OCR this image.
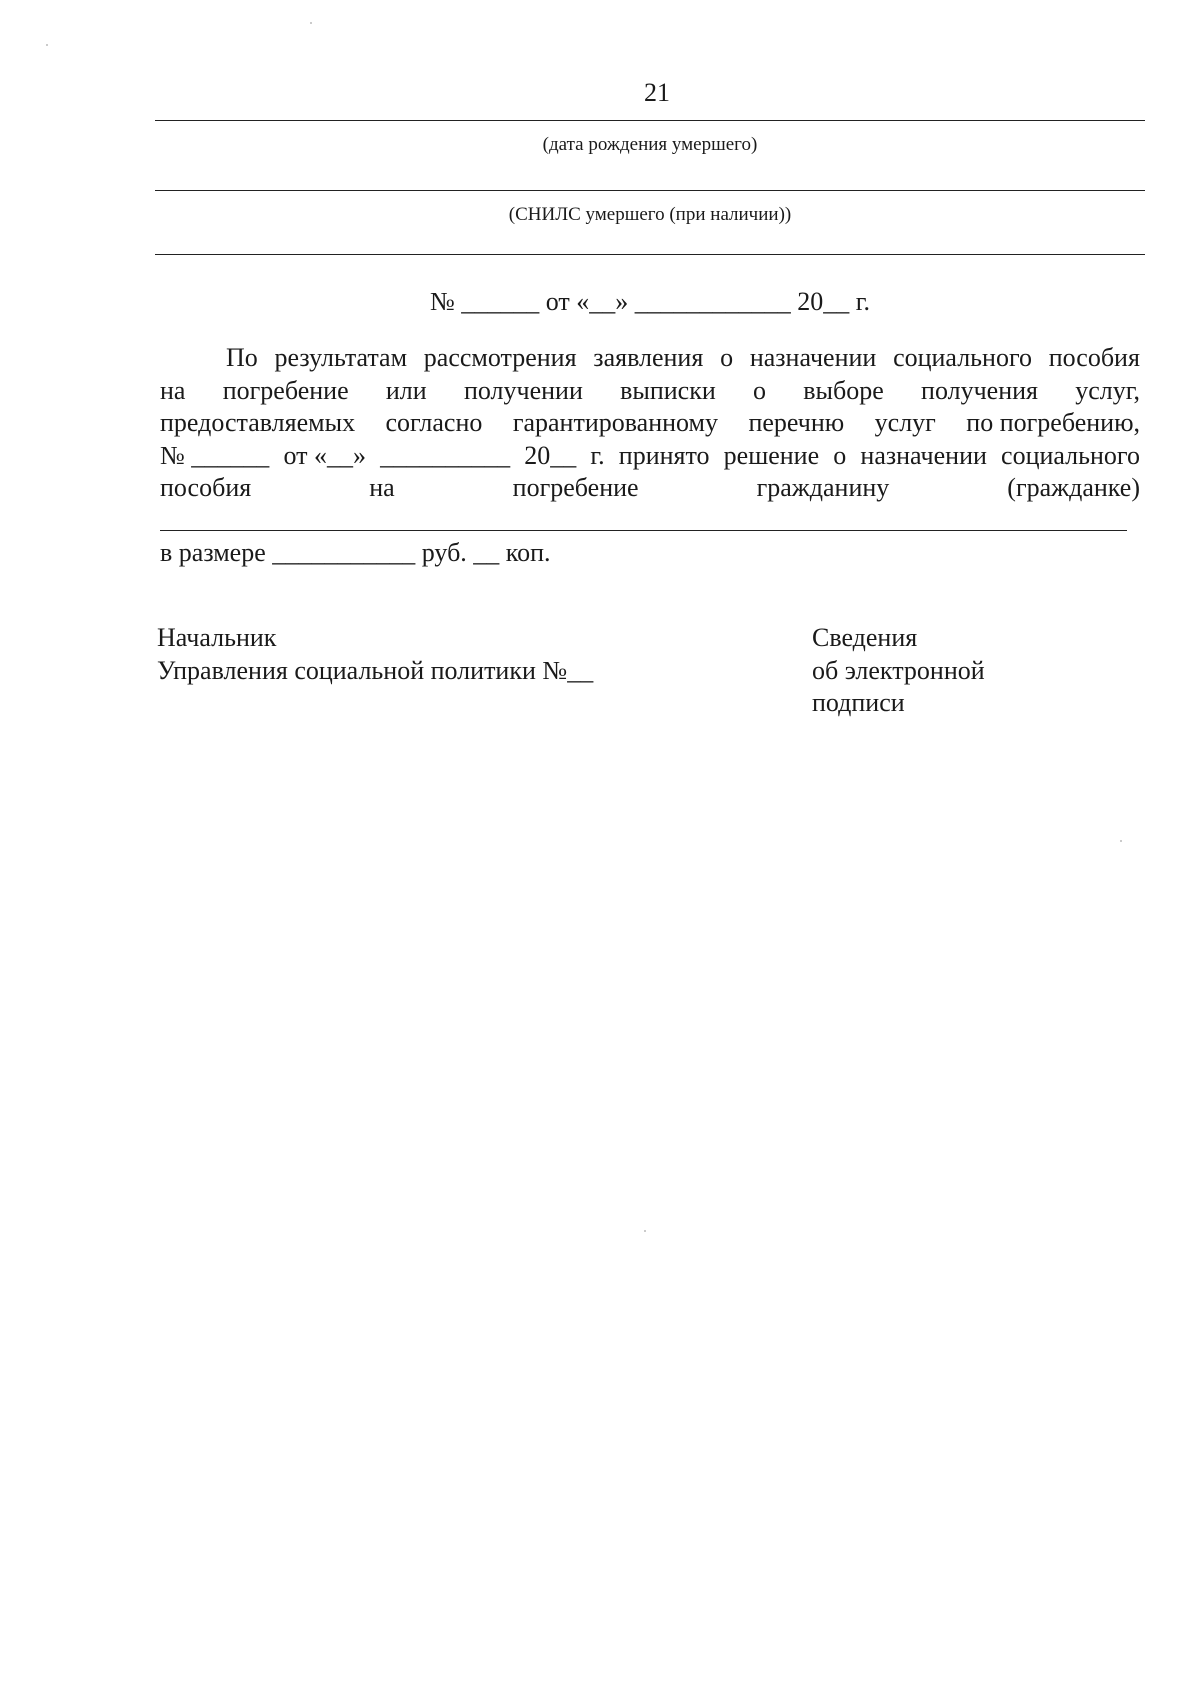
21
(дата рождения умершего)
(СНИЛС умершего (при наличии))
№ ______ от «__» ____________ 20__ г.
По результатам рассмотрения заявления о назначении социального пособия
на погребение или получении выписки о выборе получения услуг,
предоставляемых согласно гарантированному перечню услуг по погребению,
№ ______ от «__» __________ 20__ г. принято решение о назначении социального
пособия	на	погребение	гражданину	(гражданке)
в размере ___________ руб. __ коп.
Начальник
Управления социальной политики №__
Сведения
об электронной
подписи
